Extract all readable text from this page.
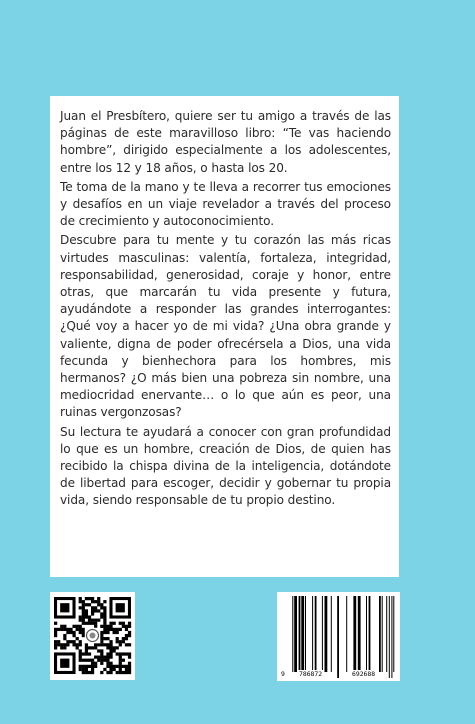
Juan el Presbítero, quiere ser tu amigo a través de las páginas de este maravilloso libro: “Te vas haciendo hombre”, dirigido especialmente a los adolescentes, entre los 12 y 18 años, o hasta los 20.

Te toma de la mano y te lleva a recorrer tus emociones y desafíos en un viaje revelador a través del proceso de crecimiento y autoconocimiento.

Descubre para tu mente y tu corazón las más ricas virtudes masculinas: valentía, fortaleza, integridad, responsabilidad, generosidad, coraje y honor, entre otras, que marcarán tu vida presente y futura, ayudándote a responder las grandes interrogantes: ¿Qué voy a hacer yo de mi vida? ¿Una obra grande y valiente, digna de poder ofrecérsela a Dios, una vida fecunda y bienhechora para los hombres, mis hermanos? ¿O más bien una pobreza sin nombre, una mediocridad enervante… o lo que aún es peor, una ruinas vergonzosas?

Su lectura te ayudará a conocer con gran profundidad lo que es un hombre, creación de Dios, de quien has recibido la chispa divina de la inteligencia, dotándote de libertad para escoger, decidir y gobernar tu propia vida, siendo responsable de tu propio destino.

9 786872	692688
